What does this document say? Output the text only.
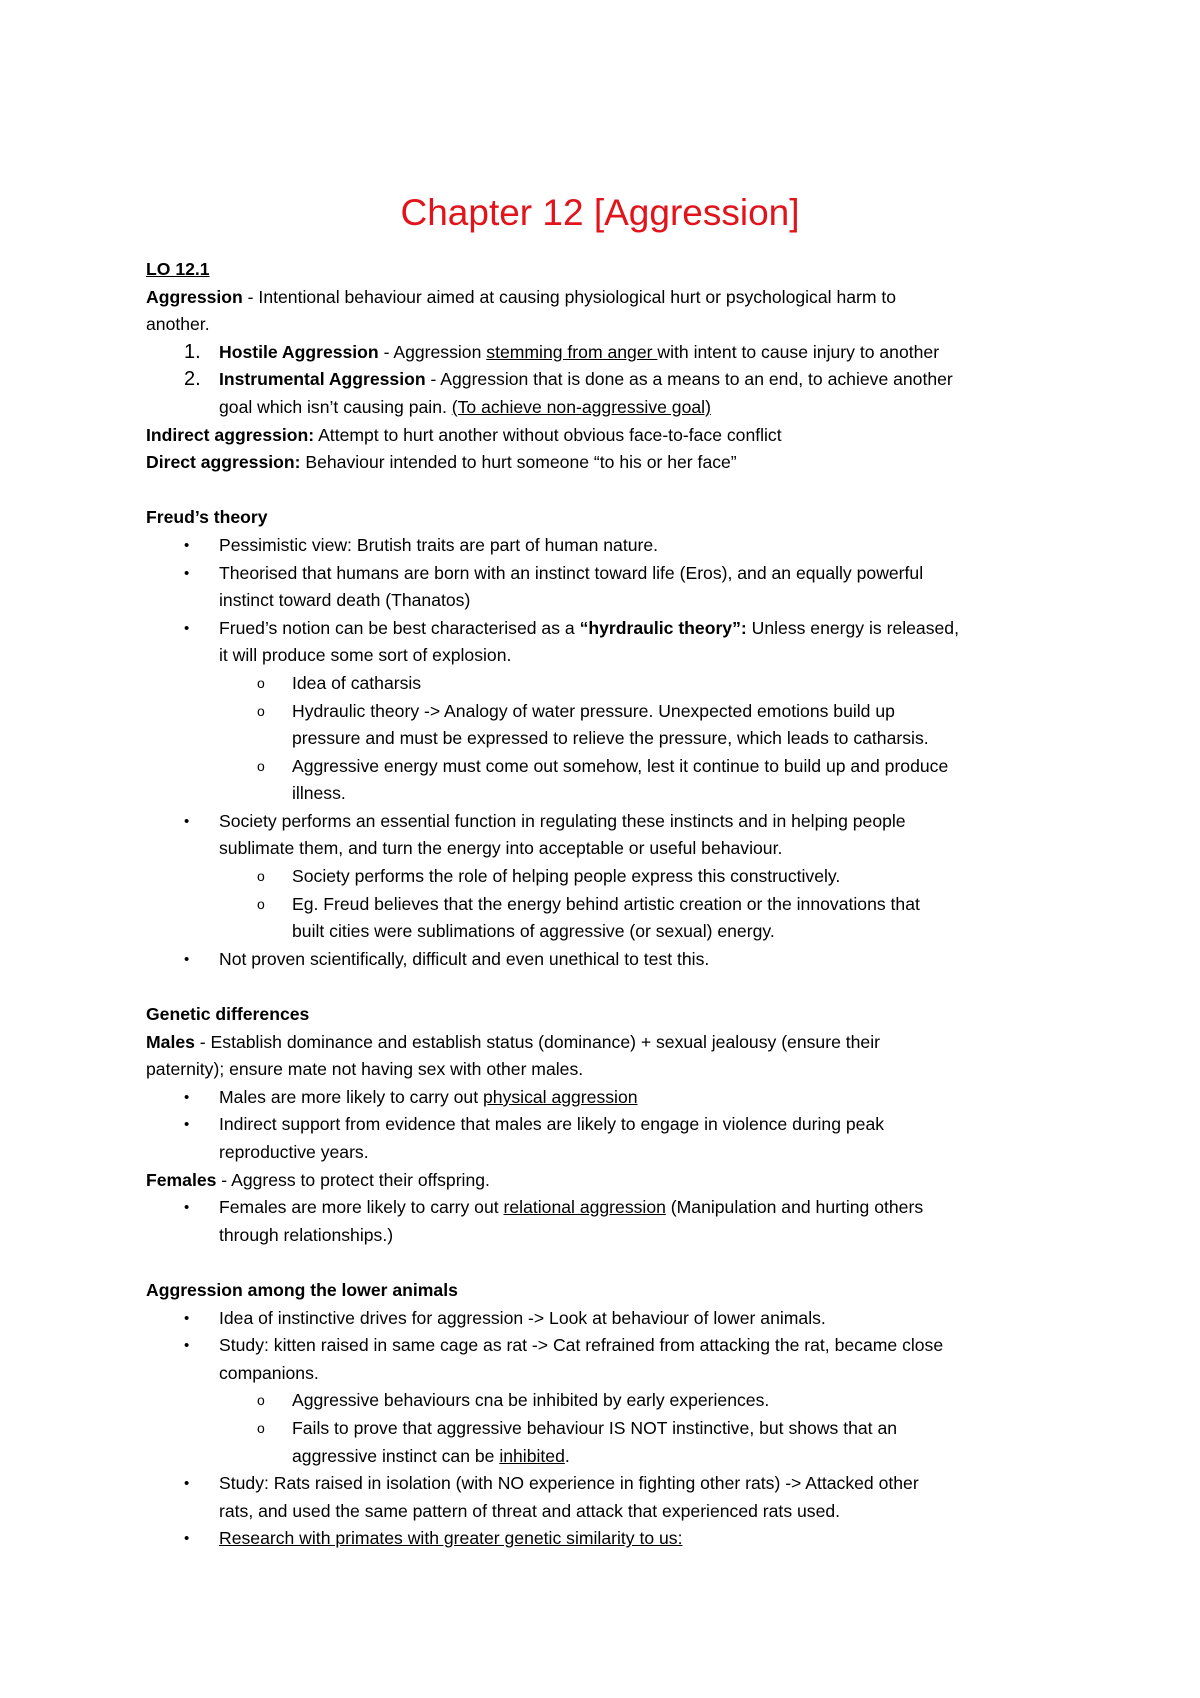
Chapter 12 [Aggression]
LO 12.1
Aggression - Intentional behaviour aimed at causing physiological hurt or psychological harm to
another.
1. Hostile Aggression - Aggression stemming from anger with intent to cause injury to another
2. Instrumental Aggression - Aggression that is done as a means to an end, to achieve another
goal which isn’t causing pain. (To achieve non-aggressive goal)
Indirect aggression: Attempt to hurt another without obvious face-to-face conflict
Direct aggression: Behaviour intended to hurt someone “to his or her face”
Freud’s theory
• Pessimistic view: Brutish traits are part of human nature.
• Theorised that humans are born with an instinct toward life (Eros), and an equally powerful
instinct toward death (Thanatos)
• Frued’s notion can be best characterised as a “hyrdraulic theory”: Unless energy is released,
it will produce some sort of explosion.
o Idea of catharsis
o Hydraulic theory -> Analogy of water pressure. Unexpected emotions build up
pressure and must be expressed to relieve the pressure, which leads to catharsis.
o Aggressive energy must come out somehow, lest it continue to build up and produce
illness.
• Society performs an essential function in regulating these instincts and in helping people
sublimate them, and turn the energy into acceptable or useful behaviour.
o Society performs the role of helping people express this constructively.
o Eg. Freud believes that the energy behind artistic creation or the innovations that
built cities were sublimations of aggressive (or sexual) energy.
• Not proven scientifically, difficult and even unethical to test this.
Genetic differences
Males - Establish dominance and establish status (dominance) + sexual jealousy (ensure their
paternity); ensure mate not having sex with other males.
• Males are more likely to carry out physical aggression
• Indirect support from evidence that males are likely to engage in violence during peak
reproductive years.
Females - Aggress to protect their offspring.
• Females are more likely to carry out relational aggression (Manipulation and hurting others
through relationships.)
Aggression among the lower animals
• Idea of instinctive drives for aggression -> Look at behaviour of lower animals.
• Study: kitten raised in same cage as rat -> Cat refrained from attacking the rat, became close
companions.
o Aggressive behaviours cna be inhibited by early experiences.
o Fails to prove that aggressive behaviour IS NOT instinctive, but shows that an
aggressive instinct can be inhibited.
• Study: Rats raised in isolation (with NO experience in fighting other rats) -> Attacked other
rats, and used the same pattern of threat and attack that experienced rats used.
• Research with primates with greater genetic similarity to us:
